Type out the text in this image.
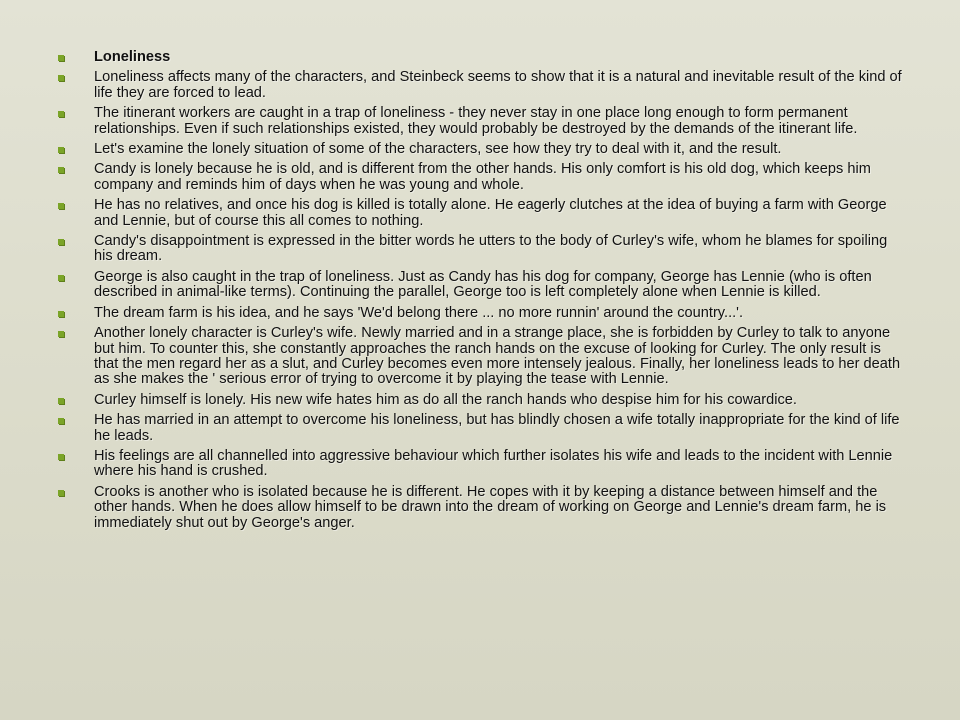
Loneliness
Loneliness affects many of the characters, and Steinbeck seems to show that it is a natural and inevitable result of the kind of life they are forced to lead.
The itinerant workers are caught in a trap of loneliness - they never stay in one place long enough to form permanent relationships. Even if such relationships existed, they would probably be destroyed by the demands of the itinerant life.
Let's examine the lonely situation of some of the characters, see how they try to deal with it, and the result.
Candy is lonely because he is old, and is different from the other hands. His only comfort is his old dog, which keeps him company and reminds him of days when he was young and whole.
He has no relatives, and once his dog is killed is totally alone. He eagerly clutches at the idea of buying a farm with George and Lennie, but of course this all comes to nothing.
Candy's disappointment is expressed in the bitter words he utters to the body of Curley's wife, whom he blames for spoiling his dream.
George is also caught in the trap of loneliness. Just as Candy has his dog for company, George has Lennie (who is often described in animal-like terms). Continuing the parallel, George too is left completely alone when Lennie is killed.
The dream farm is his idea, and he says 'We'd belong there ... no more runnin' around the country...'.
Another lonely character is Curley's wife. Newly married and in a strange place, she is forbidden by Curley to talk to anyone but him. To counter this, she constantly approaches the ranch hands on the excuse of looking for Curley. The only result is that the men regard her as a slut, and Curley becomes even more intensely jealous. Finally, her loneliness leads to her death as she makes the ' serious error of trying to overcome it by playing the tease with Lennie.
Curley himself is lonely. His new wife hates him as do all the ranch hands who despise him for his cowardice.
He has married in an attempt to overcome his loneliness, but has blindly chosen a wife totally inappropriate for the kind of life he leads.
His feelings are all channelled into aggressive behaviour which further isolates his wife and leads to the incident with Lennie where his hand is crushed.
Crooks is another who is isolated because he is different. He copes with it by keeping a distance between himself and the other hands. When he does allow himself to be drawn into the dream of working on George and Lennie's dream farm, he is immediately shut out by George's anger.
